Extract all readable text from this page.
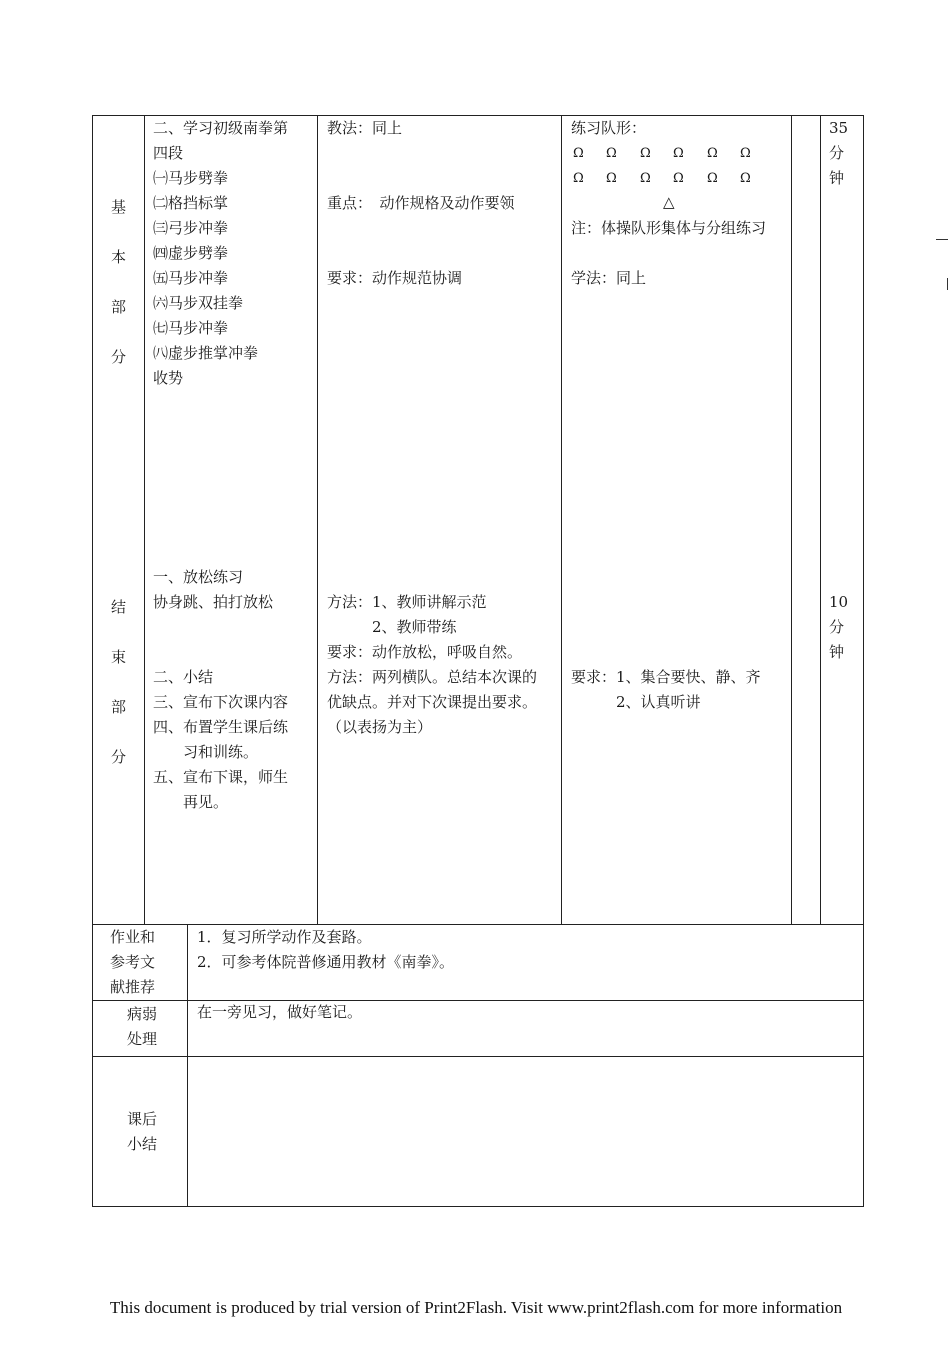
基
本
部
分
二、学习初级南拳第
四段
㈠马步劈拳
㈡格挡标掌
㈢弓步冲拳
㈣虚步劈拳
㈤马步冲拳
㈥马步双挂拳
㈦马步冲拳
㈧虚步推掌冲拳
收势
教法：同上
重点：　动作规格及动作要领
要求：动作规范协调
练习队形：
Ω Ω Ω Ω Ω Ω
Ω Ω Ω Ω Ω Ω
△
注：体操队形集体与分组练习
学法：同上
35
分
钟
结
束
部
分
一、放松练习
协身跳、拍打放松
二、小结
三、宣布下次课内容
四、布置学生课后练
　　习和训练。
五、宣布下课，师生
　　再见。
方法：1、教师讲解示范
　　　2、教师带练
要求：动作放松，呼吸自然。
方法：两列横队。总结本次课的
优缺点。并对下次课提出要求。
（以表扬为主）
要求：1、集合要快、静、齐
　　　2、认真听讲
10
分
钟
作业和
参考文
献推荐
1．复习所学动作及套路。
2．可参考体院普修通用教材《南拳》。
病弱
处理
在一旁见习，做好笔记。
课后
小结
This document is produced by trial version of Print2Flash. Visit www.print2flash.com for more information
